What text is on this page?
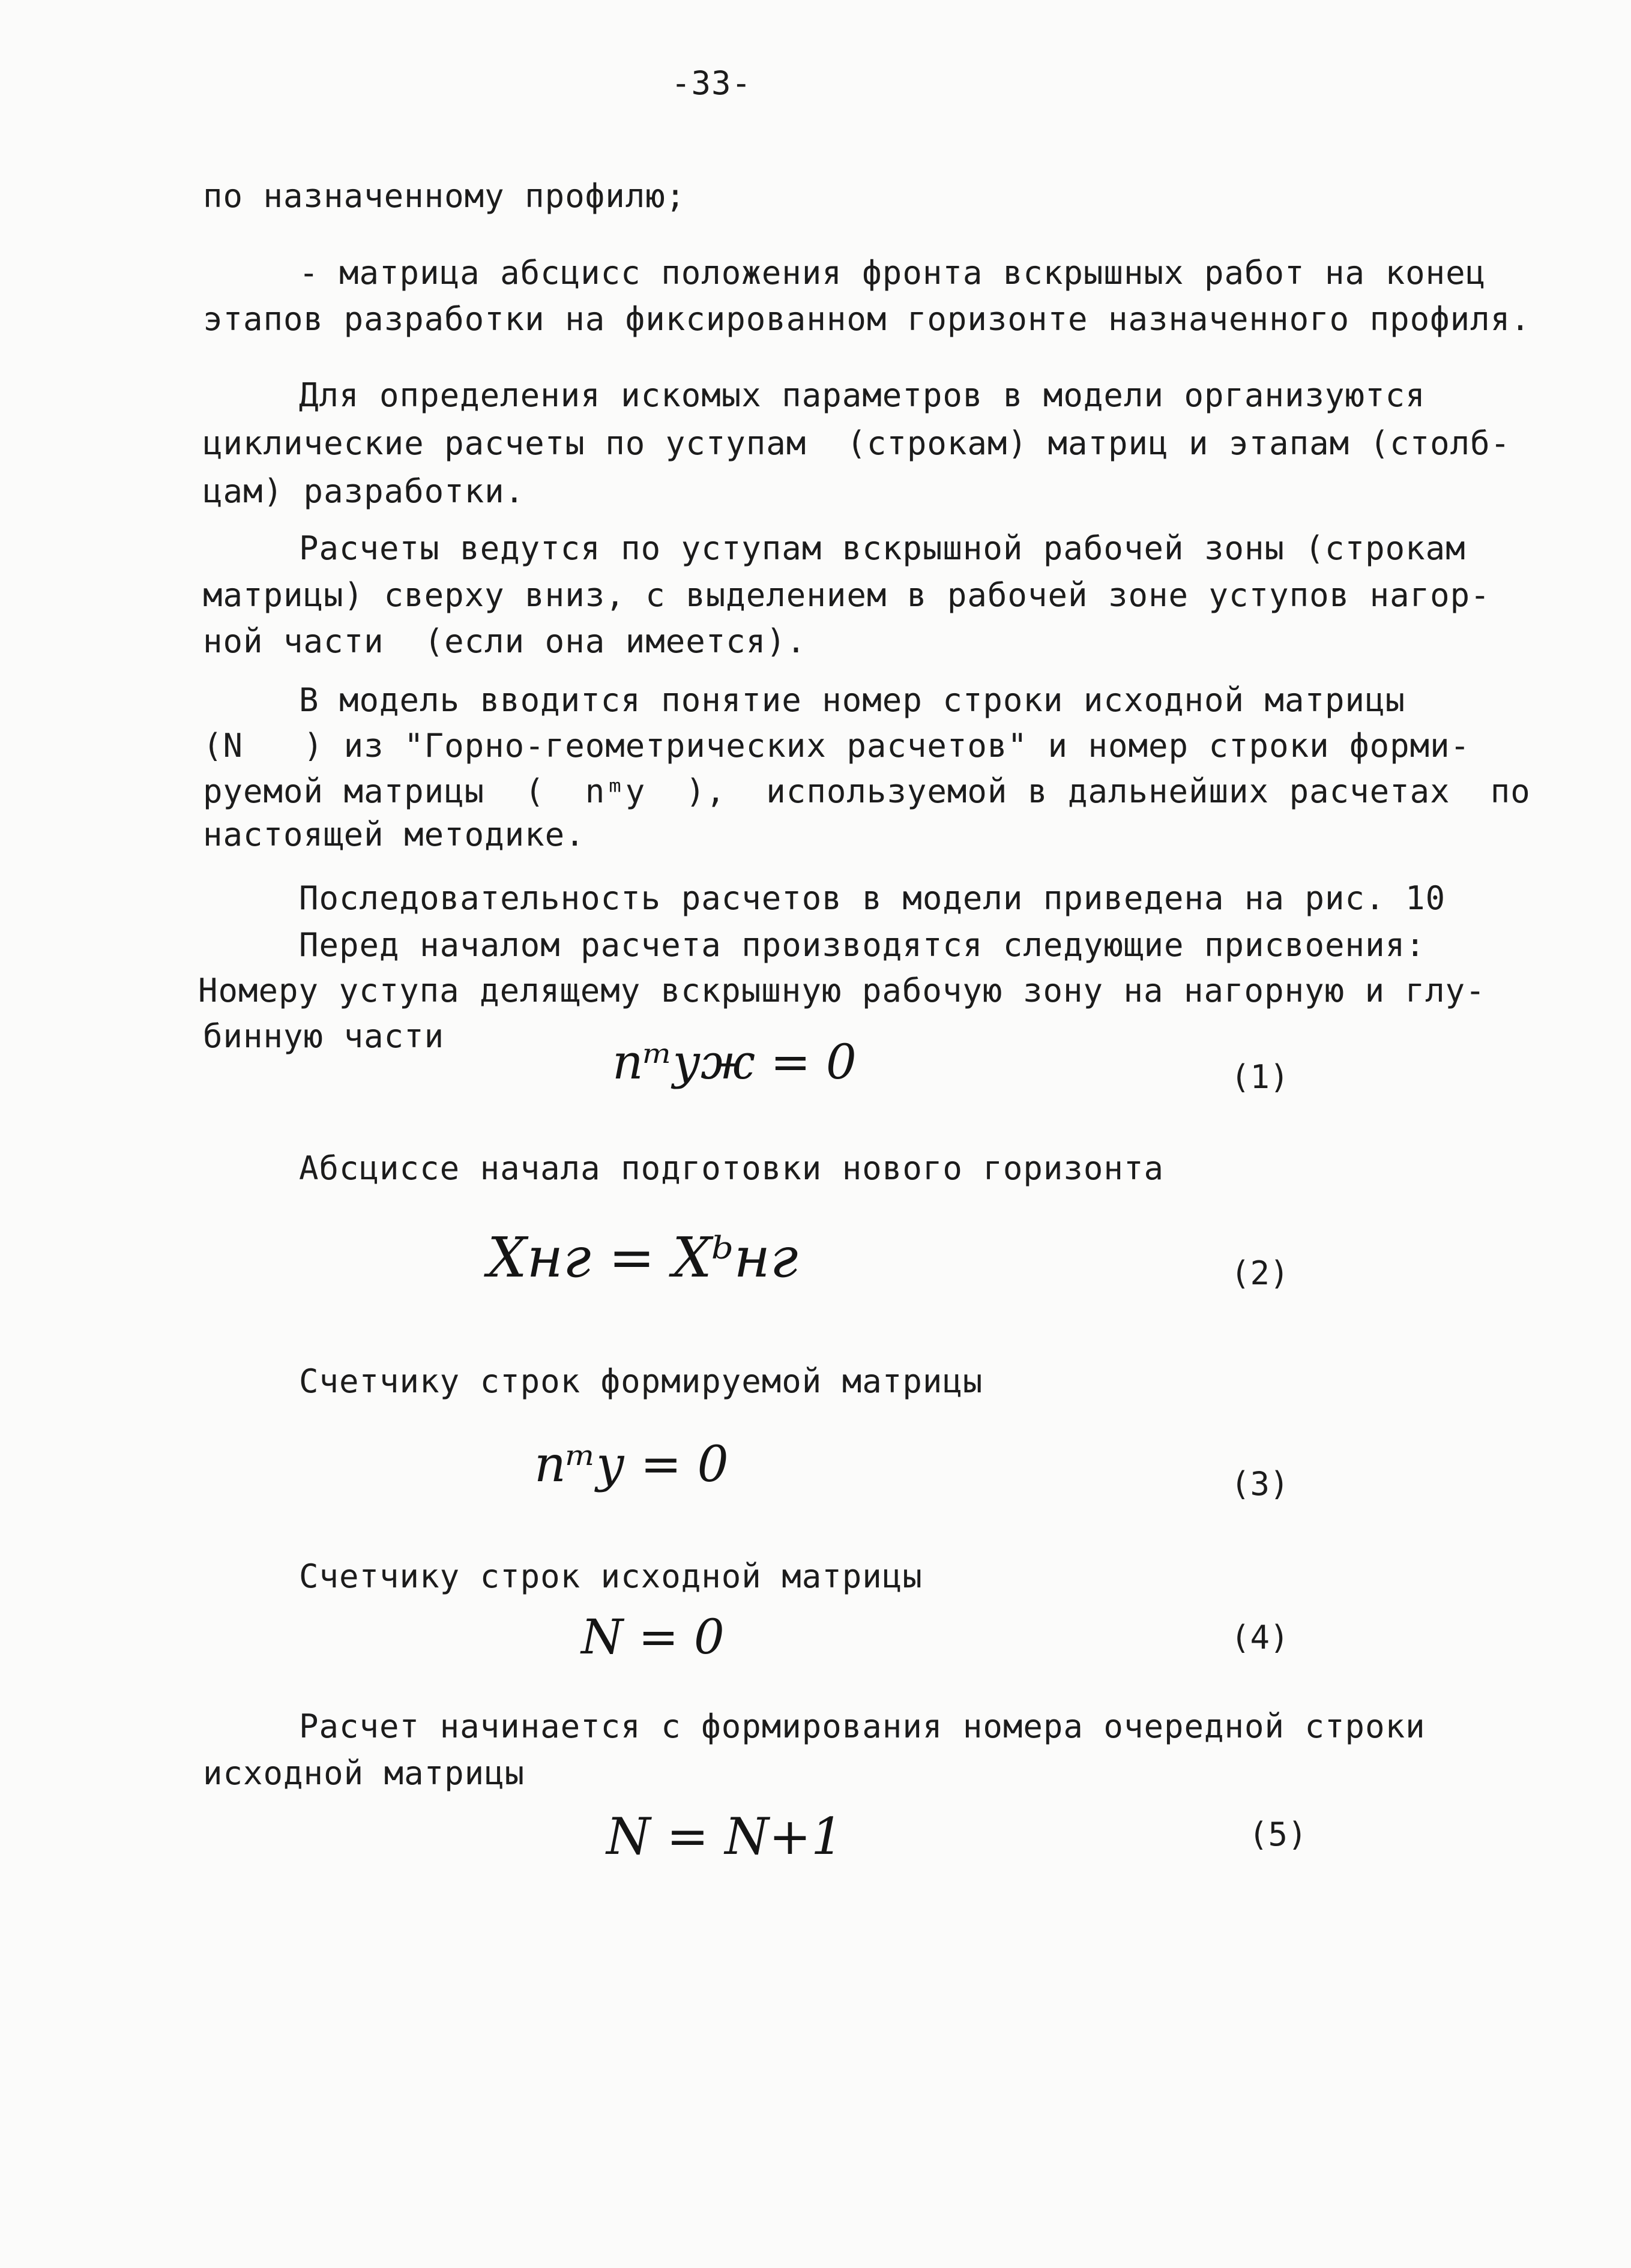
-33-
по назначенному профилю;
- матрица абсцисс положения фронта вскрышных работ на конец
этапов разработки на фиксированном горизонте назначенного профиля.
Для определения искомых параметров в модели организуются
циклические расчеты по уступам  (строкам) матриц и этапам (столб-
цам) разработки.
Расчеты ведутся по уступам вскрышной рабочей зоны (строкам
матрицы) сверху вниз, с выделением в рабочей зоне уступов нагор-
ной части  (если она имеется).
В модель вводится понятие номер строки исходной матрицы
(N   ) из "Горно-геометрических расчетов" и номер строки форми-
руемой матрицы  (  nᵐу  ),  используемой в дальнейших расчетах  по
настоящей методике.
Последовательность расчетов в модели приведена на рис. 10
Перед началом расчета производятся следующие присвоения:
Номеру уступа делящему вскрышную рабочую зону на нагорную и глу-
бинную части	nᵐуж = 0	(1)
Абсциссе начала подготовки нового горизонта
Xнг = Xᵇнг	(2)
Счетчику строк формируемой матрицы
nᵐу = 0	(3)
Счетчику строк исходной матрицы
N = 0	(4)
Расчет начинается с формирования номера очередной строки
исходной матрицы
N = N+1	(5)
